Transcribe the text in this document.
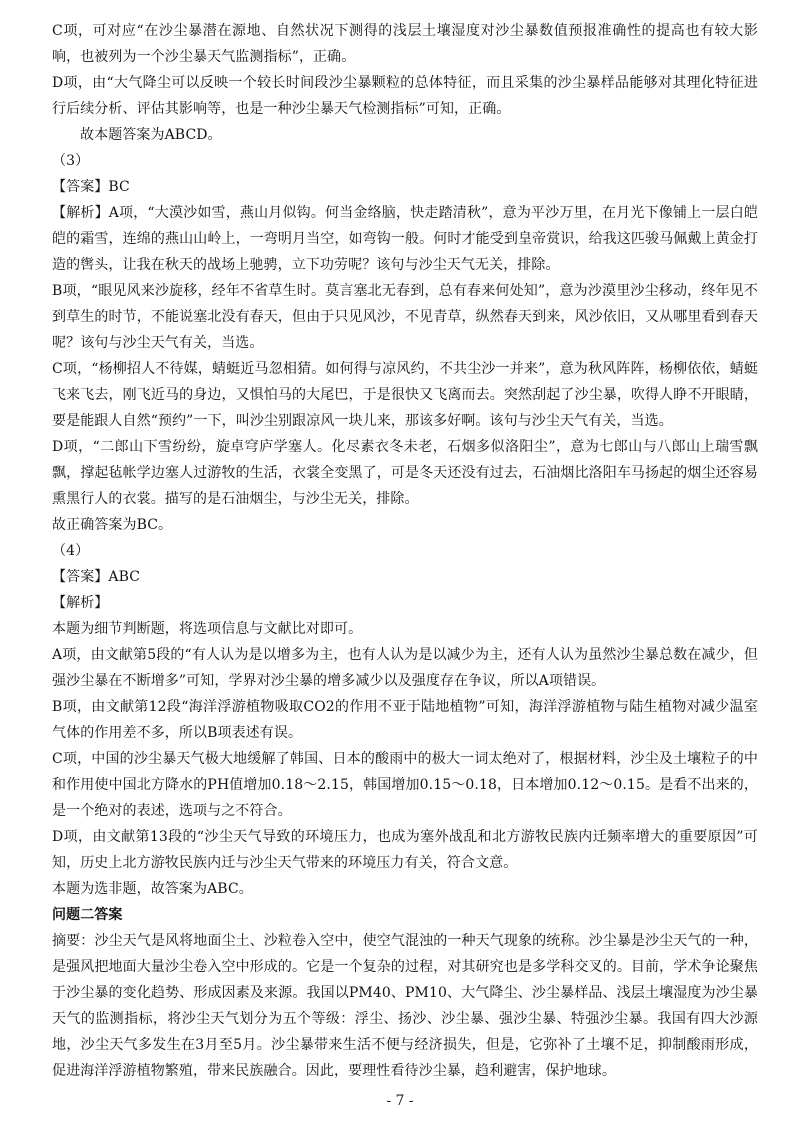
C项，可对应“在沙尘暴潜在源地、自然状况下测得的浅层土壤湿度对沙尘暴数值预报准确性的提高也有较大影响，也被列为一个沙尘暴天气监测指标”，正确。

D项，由“大气降尘可以反映一个较长时间段沙尘暴颗粒的总体特征，而且采集的沙尘暴样品能够对其理化特征进行后续分析、评估其影响等，也是一种沙尘暴天气检测指标”可知，正确。

故本题答案为ABCD。

（3）

【答案】BC

【解析】A项，“大漠沙如雪，燕山月似钩。何当金络脑，快走踏清秋”，意为平沙万里，在月光下像铺上一层白皑皑的霜雪，连绵的燕山山岭上，一弯明月当空，如弯钩一般。何时才能受到皇帝赏识，给我这匹骏马佩戴上黄金打造的辔头，让我在秋天的战场上驰骋，立下功劳呢？该句与沙尘天气无关，排除。

B项，“眼见风来沙旋移，经年不省草生时。莫言塞北无春到，总有春来何处知”，意为沙漠里沙尘移动，终年见不到草生的时节，不能说塞北没有春天，但由于只见风沙，不见青草，纵然春天到来，风沙依旧，又从哪里看到春天呢？该句与沙尘天气有关，当选。

C项，“杨柳招人不待媒，蜻蜓近马忽相猜。如何得与凉风约，不共尘沙一并来”，意为秋风阵阵，杨柳依依，蜻蜓飞来飞去，刚飞近马的身边，又惧怕马的大尾巴，于是很快又飞离而去。突然刮起了沙尘暴，吹得人睁不开眼睛，要是能跟人自然“预约”一下，叫沙尘别跟凉风一块儿来，那该多好啊。该句与沙尘天气有关，当选。

D项，“二郎山下雪纷纷，旋卓穹庐学塞人。化尽素衣冬未老，石烟多似洛阳尘”，意为七郎山与八郎山上瑞雪飘飘，撑起毡帐学边塞人过游牧的生活，衣裳全变黑了，可是冬天还没有过去，石油烟比洛阳车马扬起的烟尘还容易熏黑行人的衣裳。描写的是石油烟尘，与沙尘无关，排除。

故正确答案为BC。

（4）

【答案】ABC

【解析】

本题为细节判断题，将选项信息与文献比对即可。

A项，由文献第5段的“有人认为是以增多为主，也有人认为是以减少为主，还有人认为虽然沙尘暴总数在减少，但强沙尘暴在不断增多”可知，学界对沙尘暴的增多减少以及强度存在争议，所以A项错误。

B项，由文献第12段“海洋浮游植物吸取CO2的作用不亚于陆地植物”可知，海洋浮游植物与陆生植物对减少温室气体的作用差不多，所以B项表述有误。

C项，中国的沙尘暴天气极大地缓解了韩国、日本的酸雨中的极大一词太绝对了，根据材料，沙尘及土壤粒子的中和作用使中国北方降水的PH值增加0.18～2.15，韩国增加0.15～0.18，日本增加0.12～0.15。是看不出来的，是一个绝对的表述，选项与之不符合。

D项，由文献第13段的“沙尘天气导致的环境压力，也成为塞外战乱和北方游牧民族内迁频率增大的重要原因”可知，历史上北方游牧民族内迁与沙尘天气带来的环境压力有关，符合文意。

本题为选非题，故答案为ABC。

问题二答案

摘要：沙尘天气是风将地面尘土、沙粒卷入空中，使空气混浊的一种天气现象的统称。沙尘暴是沙尘天气的一种，是强风把地面大量沙尘卷入空中形成的。它是一个复杂的过程，对其研究也是多学科交叉的。目前，学术争论聚焦于沙尘暴的变化趋势、形成因素及来源。我国以PM40、PM10、大气降尘、沙尘暴样品、浅层土壤湿度为沙尘暴天气的监测指标，将沙尘天气划分为五个等级：浮尘、扬沙、沙尘暴、强沙尘暴、特强沙尘暴。我国有四大沙源地，沙尘天气多发生在3月至5月。沙尘暴带来生活不便与经济损失，但是，它弥补了土壤不足，抑制酸雨形成，促进海洋浮游植物繁殖，带来民族融合。因此，要理性看待沙尘暴，趋利避害，保护地球。

- 7 -
